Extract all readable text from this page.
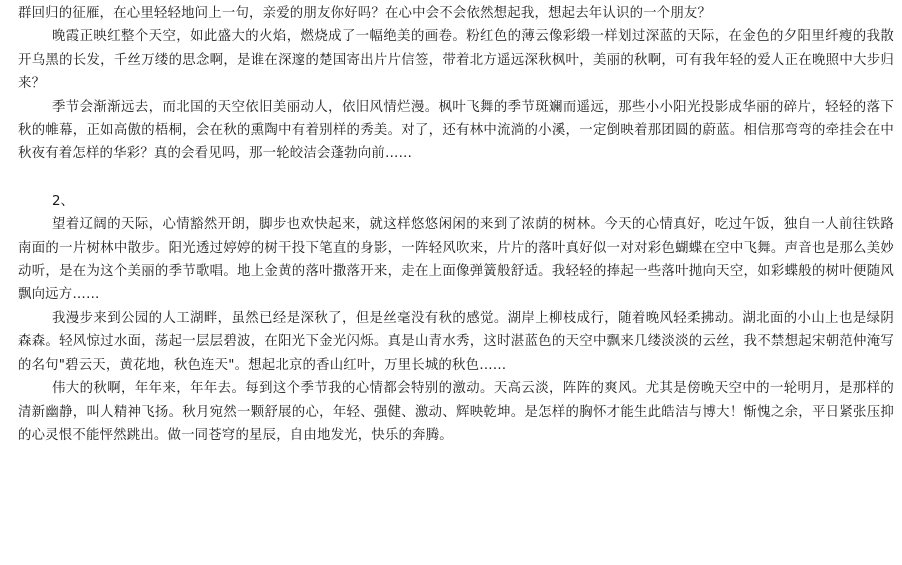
群回归的征雁，在心里轻轻地问上一句，亲爱的朋友你好吗？在心中会不会依然想起我，想起去年认识的一个朋友？

晚霞正映红整个天空，如此盛大的火焰，燃烧成了一幅绝美的画卷。粉红色的薄云像彩缎一样划过深蓝的天际，在金色的夕阳里纤瘦的我散开乌黑的长发，千丝万缕的思念啊，是谁在深邃的楚国寄出片片信签，带着北方遥远深秋枫叶，美丽的秋啊，可有我年轻的爱人正在晚照中大步归来？

季节会渐渐远去，而北国的天空依旧美丽动人，依旧风情烂漫。枫叶飞舞的季节斑斓而遥远，那些小小阳光投影成华丽的碎片，轻轻的落下秋的帷幕，正如高傲的梧桐，会在秋的熏陶中有着别样的秀美。对了，还有林中流淌的小溪，一定倒映着那团圆的蔚蓝。相信那弯弯的牵挂会在中秋夜有着怎样的华彩？真的会看见吗，那一轮皎洁会蓬勃向前……

2、

望着辽阔的天际，心情豁然开朗，脚步也欢快起来，就这样悠悠闲闲的来到了浓荫的树林。今天的心情真好，吃过午饭，独自一人前往铁路南面的一片树林中散步。阳光透过婷婷的树干投下笔直的身影，一阵轻风吹来，片片的落叶真好似一对对彩色蝴蝶在空中飞舞。声音也是那么美妙动听，是在为这个美丽的季节歌唱。地上金黄的落叶撒落开来，走在上面像弹簧般舒适。我轻轻的捧起一些落叶抛向天空，如彩蝶般的树叶便随风飘向远方……

我漫步来到公园的人工湖畔，虽然已经是深秋了，但是丝毫没有秋的感觉。湖岸上柳枝成行，随着晚风轻柔拂动。湖北面的小山上也是绿阴森森。轻风惊过水面，荡起一层层碧波，在阳光下金光闪烁。真是山青水秀，这时湛蓝色的天空中飘来几缕淡淡的云丝，我不禁想起宋朝范仲淹写的名句"碧云天，黄花地，秋色连天"。想起北京的香山红叶，万里长城的秋色……

伟大的秋啊，年年来，年年去。每到这个季节我的心情都会特别的激动。天高云淡，阵阵的爽风。尤其是傍晚天空中的一轮明月，是那样的清新幽静，叫人精神飞扬。秋月宛然一颗舒展的心，年轻、强健、激动、辉映乾坤。是怎样的胸怀才能生此皓洁与博大！惭愧之余，平日紧张压抑的心灵恨不能怦然跳出。做一同苍穹的星辰，自由地发光，快乐的奔腾。
